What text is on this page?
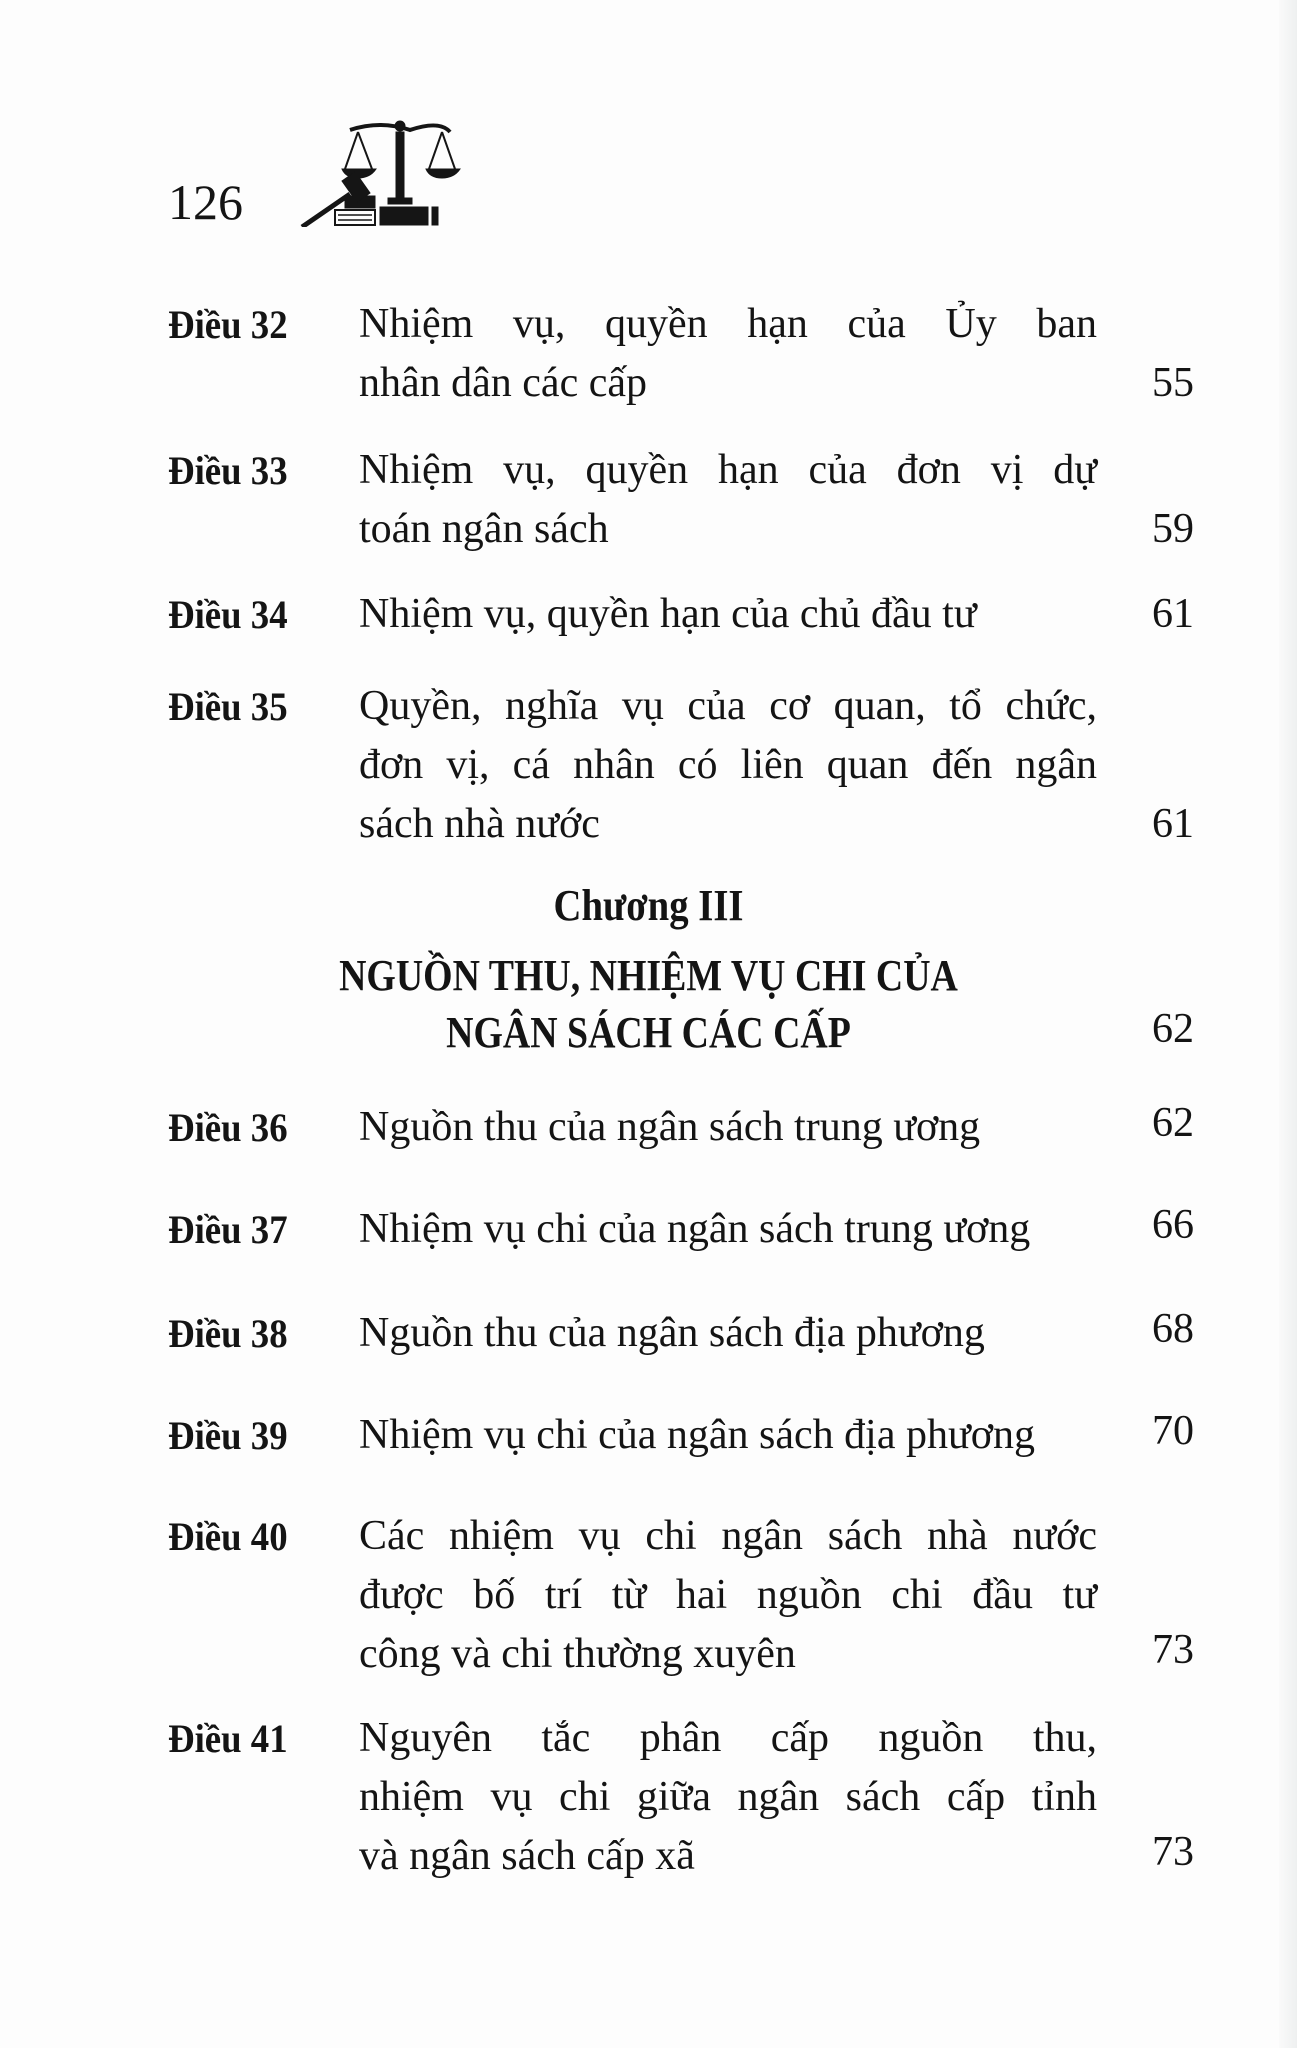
126
Điều 32 Nhiệm vụ, quyền hạn của Ủy ban
nhân dân các cấp	55
Điều 33 Nhiệm vụ, quyền hạn của đơn vị dự
toán ngân sách	59
Điều 34 Nhiệm vụ, quyền hạn của chủ đầu tư	61
Điều 35 Quyền, nghĩa vụ của cơ quan, tổ chức,
đơn vị, cá nhân có liên quan đến ngân
sách nhà nước	61
Chương III
NGUỒN THU, NHIỆM VỤ CHI CỦA
NGÂN SÁCH CÁC CẤP	62
Điều 36 Nguồn thu của ngân sách trung ương	62
Điều 37 Nhiệm vụ chi của ngân sách trung ương	66
Điều 38 Nguồn thu của ngân sách địa phương	68
Điều 39 Nhiệm vụ chi của ngân sách địa phương	70
Điều 40 Các nhiệm vụ chi ngân sách nhà nước
được bố trí từ hai nguồn chi đầu tư
công và chi thường xuyên	73
Điều 41 Nguyên tắc phân cấp nguồn thu,
nhiệm vụ chi giữa ngân sách cấp tỉnh
và ngân sách cấp xã	73
